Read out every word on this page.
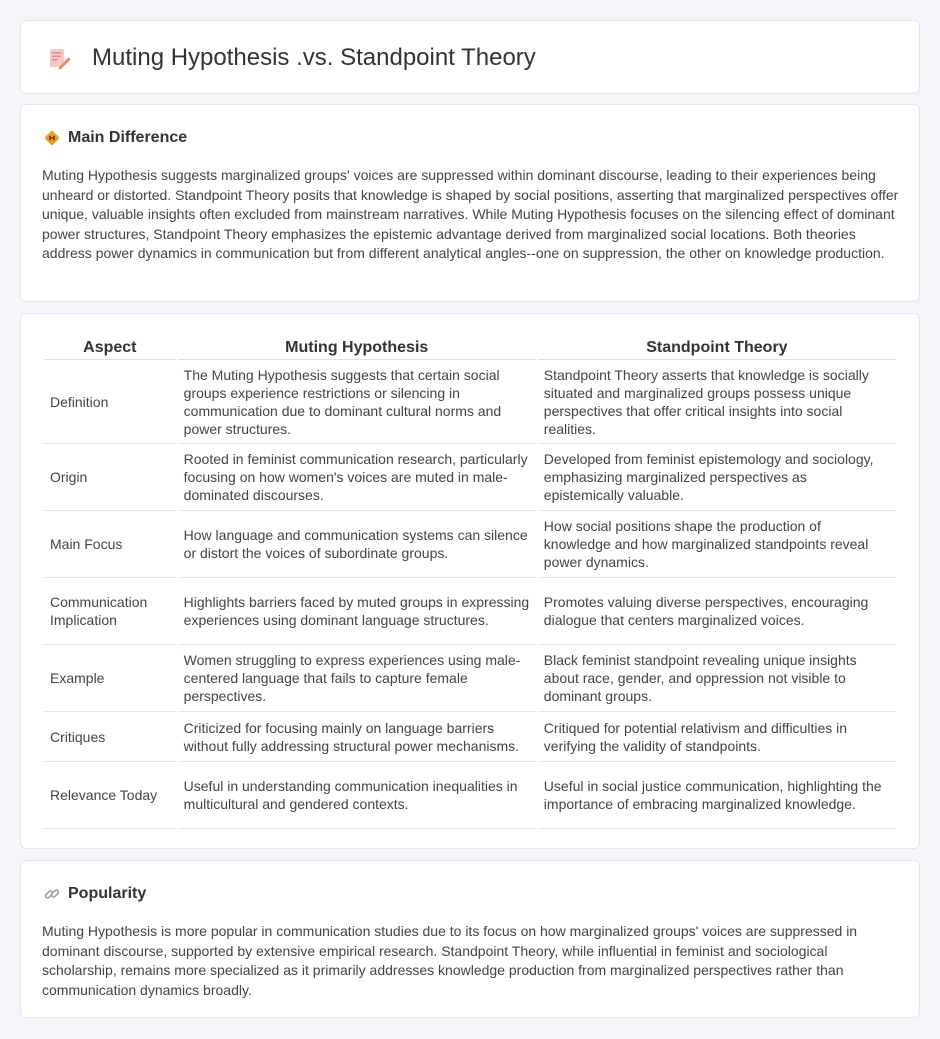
Muting Hypothesis .vs. Standpoint Theory
Main Difference

Muting Hypothesis suggests marginalized groups' voices are suppressed within dominant discourse, leading to their experiences being unheard or distorted. Standpoint Theory posits that knowledge is shaped by social positions, asserting that marginalized perspectives offer unique, valuable insights often excluded from mainstream narratives. While Muting Hypothesis focuses on the silencing effect of dominant power structures, Standpoint Theory emphasizes the epistemic advantage derived from marginalized social locations. Both theories address power dynamics in communication but from different analytical angles--one on suppression, the other on knowledge production.

Aspect	Muting Hypothesis	Standpoint Theory
Definition	The Muting Hypothesis suggests that certain social groups experience restrictions or silencing in communication due to dominant cultural norms and power structures.	Standpoint Theory asserts that knowledge is socially situated and marginalized groups possess unique perspectives that offer critical insights into social realities.
Origin	Rooted in feminist communication research, particularly focusing on how women's voices are muted in male-dominated discourses.	Developed from feminist epistemology and sociology, emphasizing marginalized perspectives as epistemically valuable.
Main Focus	How language and communication systems can silence or distort the voices of subordinate groups.	How social positions shape the production of knowledge and how marginalized standpoints reveal power dynamics.
Communication Implication	Highlights barriers faced by muted groups in expressing experiences using dominant language structures.	Promotes valuing diverse perspectives, encouraging dialogue that centers marginalized voices.
Example	Women struggling to express experiences using male-centered language that fails to capture female perspectives.	Black feminist standpoint revealing unique insights about race, gender, and oppression not visible to dominant groups.
Critiques	Criticized for focusing mainly on language barriers without fully addressing structural power mechanisms.	Critiqued for potential relativism and difficulties in verifying the validity of standpoints.
Relevance Today	Useful in understanding communication inequalities in multicultural and gendered contexts.	Useful in social justice communication, highlighting the importance of embracing marginalized knowledge.
Popularity

Muting Hypothesis is more popular in communication studies due to its focus on how marginalized groups' voices are suppressed in dominant discourse, supported by extensive empirical research. Standpoint Theory, while influential in feminist and sociological scholarship, remains more specialized as it primarily addresses knowledge production from marginalized perspectives rather than communication dynamics broadly.
